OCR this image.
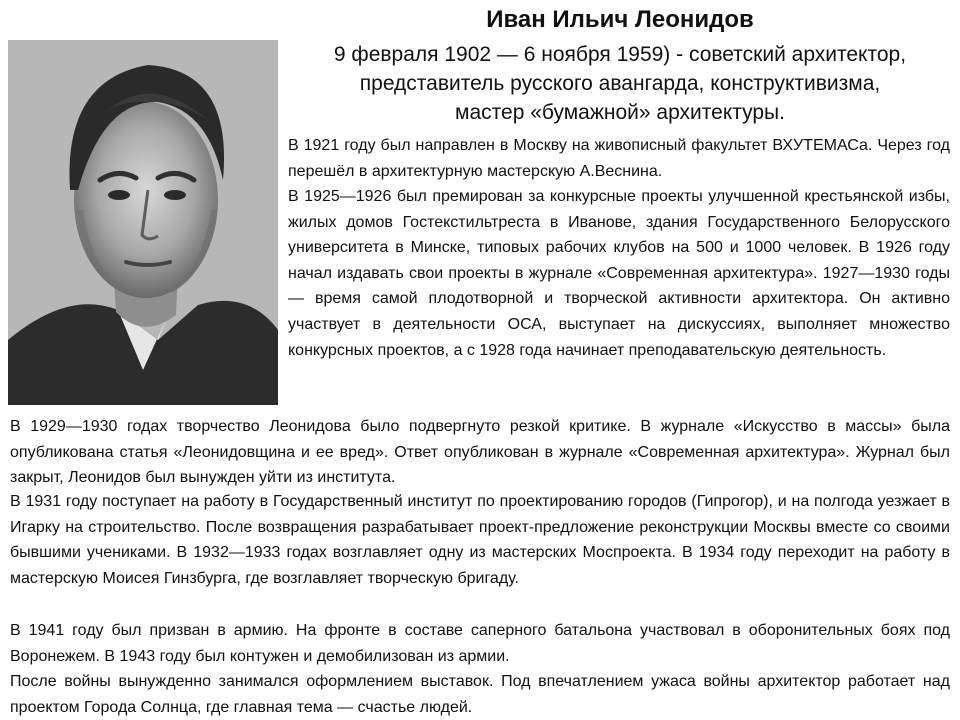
Иван Ильич Леонидов

9 февраля 1902 — 6 ноября 1959) - советский архитектор,

представитель русского авангарда, конструктивизма,

мастер «бумажной» архитектуры.

В 1921 году был направлен в Москву на живописный факультет ВХУТЕМАСа. Через год перешёл в архитектурную мастерскую А.Веснина.

В 1925—1926 был премирован за конкурсные проекты улучшенной крестьянской избы, жилых домов Гостекстильтреста в Иванове, здания Государственного Белорусского университета в Минске, типовых рабочих клубов на 500 и 1000 человек. В 1926 году начал издавать свои проекты в журнале «Современная архитектура». 1927—1930 годы — время самой плодотворной и творческой активности архитектора. Он активно участвует в деятельности ОСА, выступает на дискуссиях, выполняет множество конкурсных проектов, а с 1928 года начинает преподавательскую деятельность.

В 1929—1930 годах творчество Леонидова было подвергнуто резкой критике. В журнале «Искусство в массы» была опубликована статья «Леонидовщина и ее вред». Ответ опубликован в журнале «Современная архитектура». Журнал был закрыт, Леонидов был вынужден уйти из института.

В 1931 году поступает на работу в Государственный институт по проектированию городов (Гипрогор), и на полгода уезжает в Игарку на строительство. После возвращения разрабатывает проект-предложение реконструкции Москвы вместе со своими бывшими учениками. В 1932—1933 годах возглавляет одну из мастерских Моспроекта. В 1934 году переходит на работу в мастерскую Моисея Гинзбурга, где возглавляет творческую бригаду.

В 1941 году был призван в армию. На фронте в составе саперного батальона участвовал в оборонительных боях под Воронежем. В 1943 году был контужен и демобилизован из армии.

После войны вынужденно занимался оформлением выставок. Под впечатлением ужаса войны архитектор работает над проектом Города Солнца, где главная тема — счастье людей.
